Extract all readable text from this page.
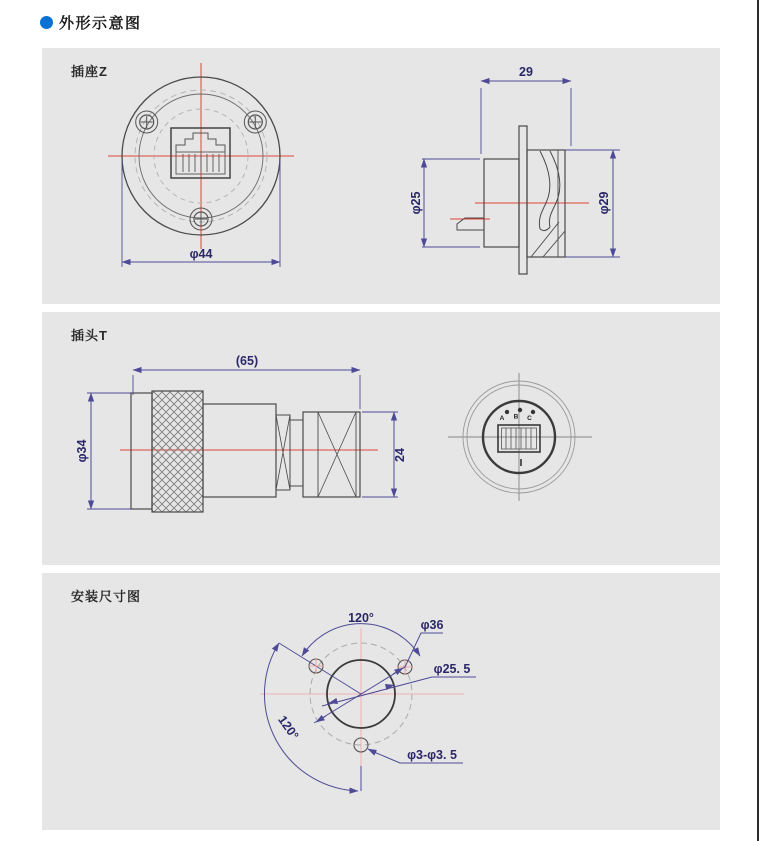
外形示意图
插座Z
φ44
29
φ25	φ29
插头T
(65)
φ34	24
A B C
安装尺寸图
120°
120°
φ36
φ25. 5
φ3-φ3. 5
